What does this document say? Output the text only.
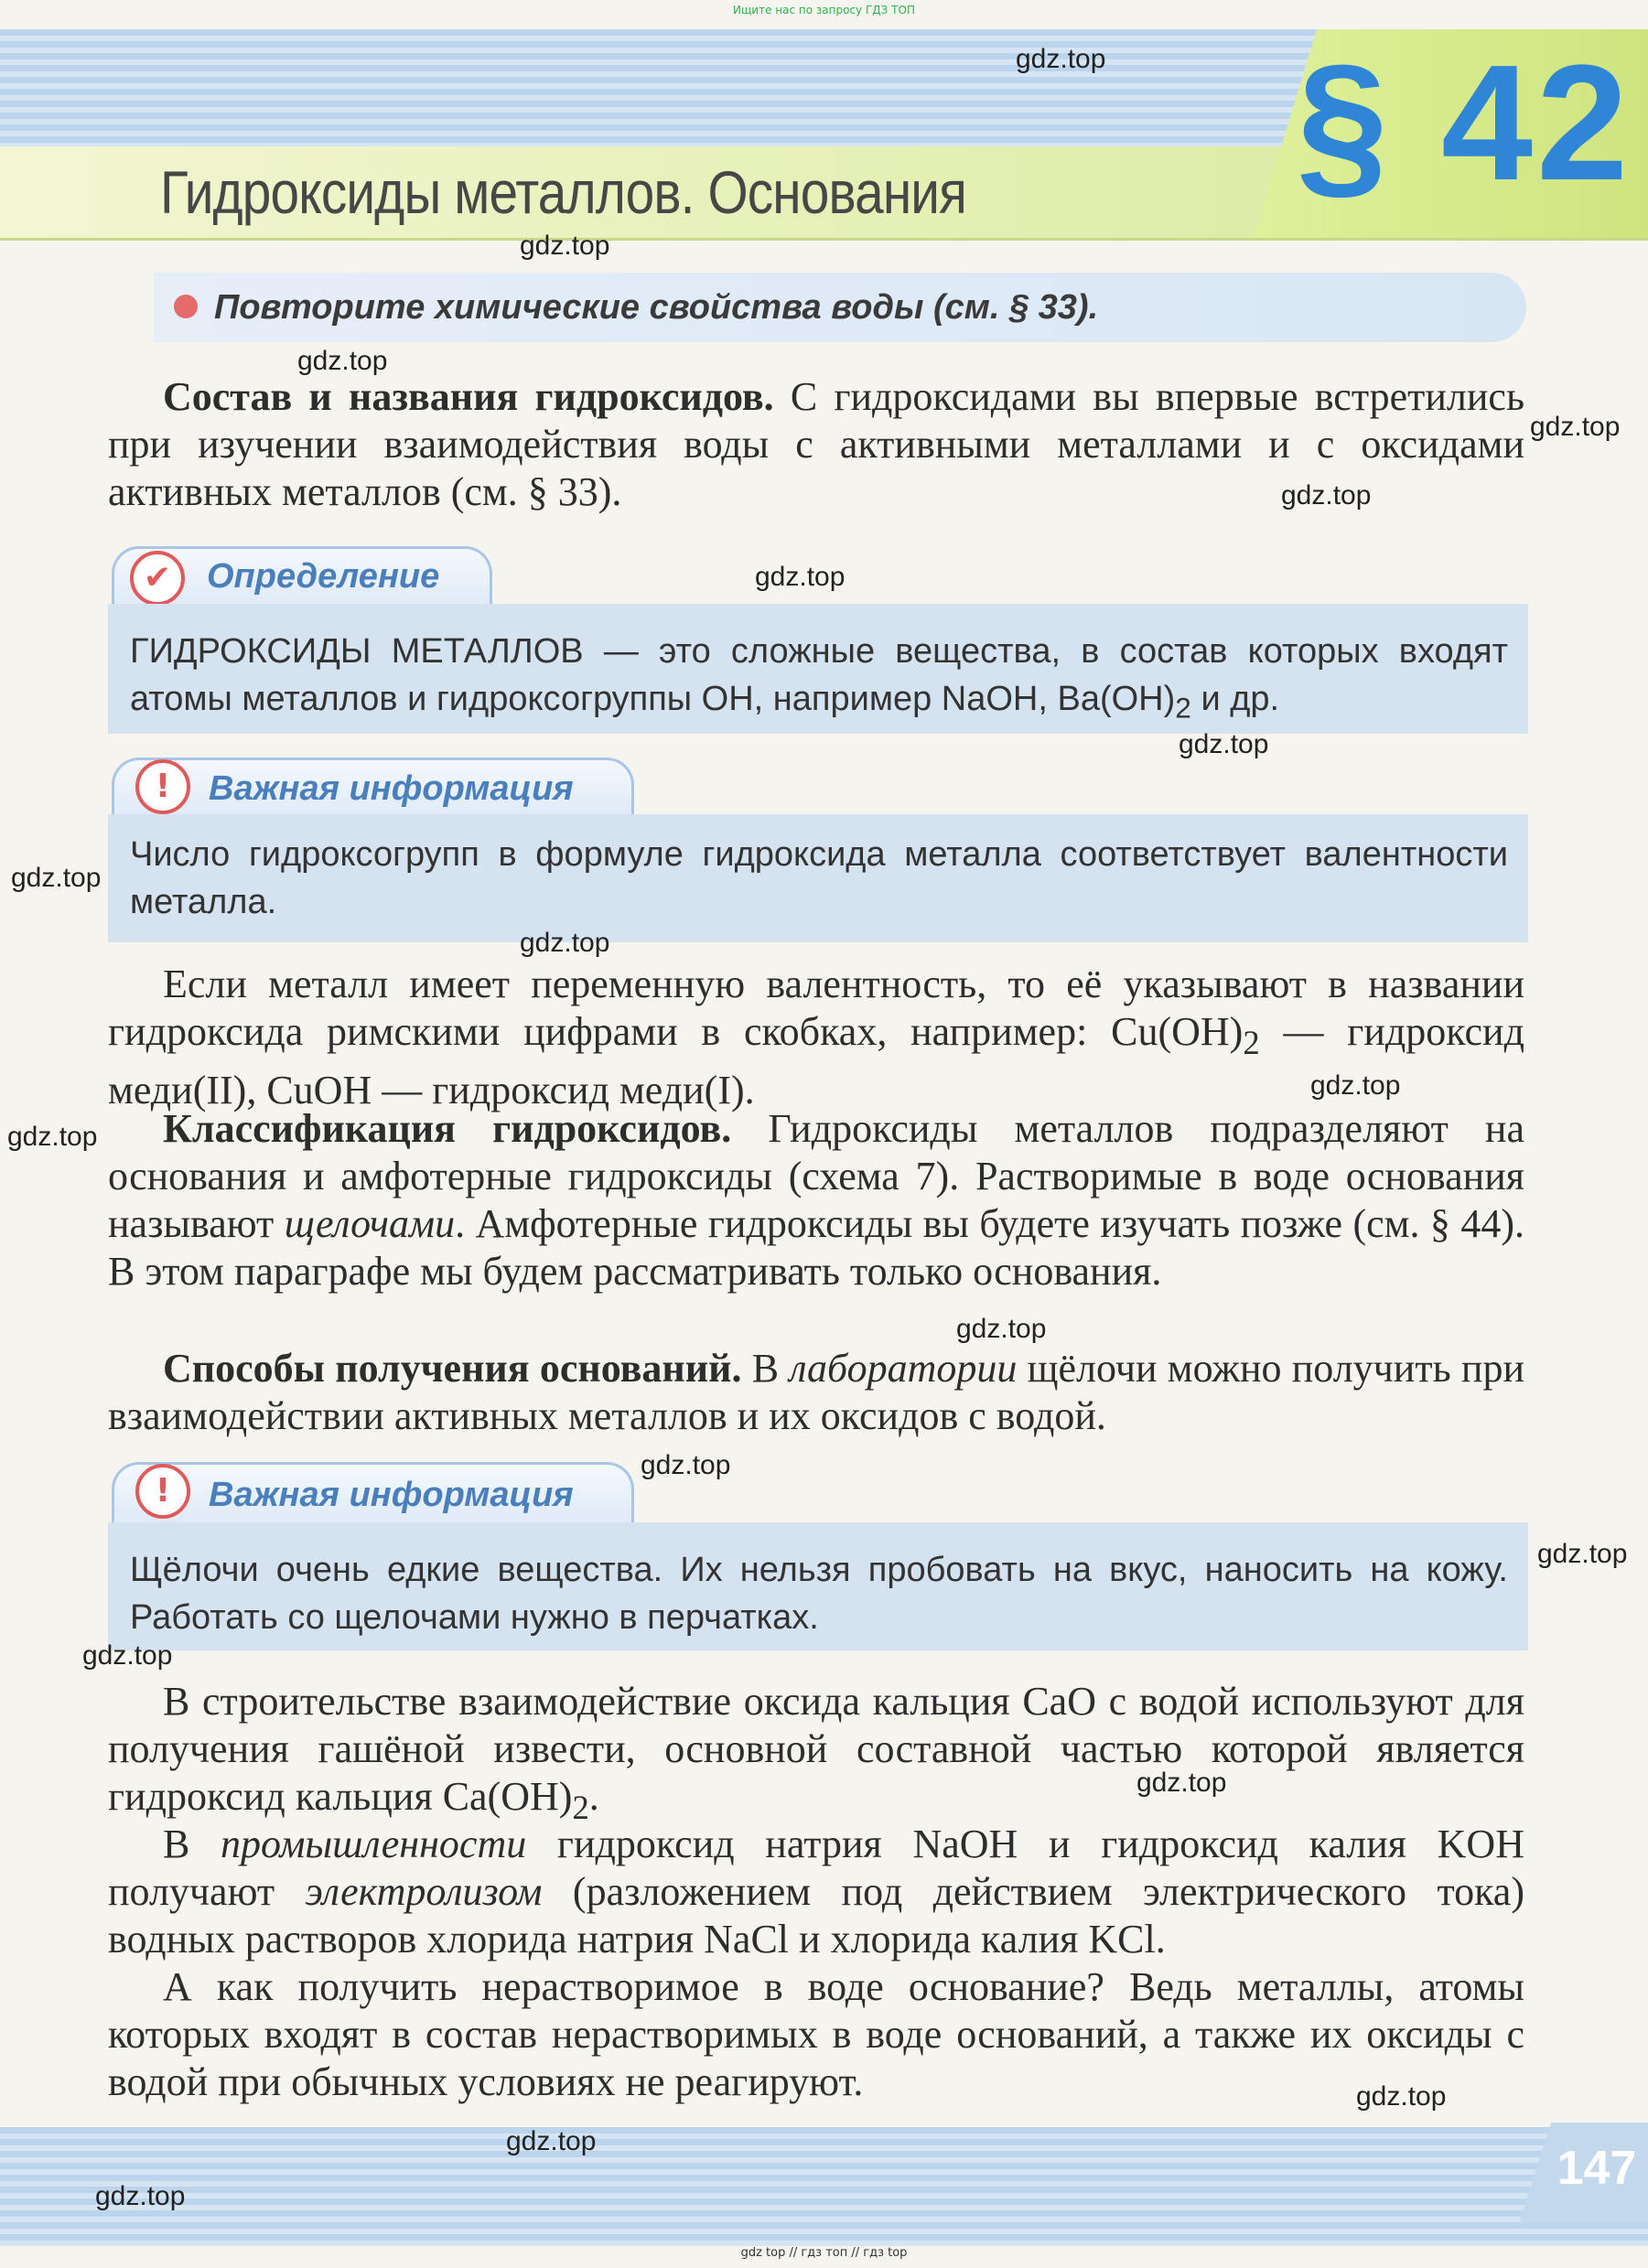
Ищите нас по запросу ГДЗ ТОП
§ 42
Гидроксиды металлов. Основания
Повторите химические свойства воды (см. § 33).
Состав и названия гидроксидов. С гидроксидами вы впервые встретились при изучении взаимодействия воды с активными металлами и с оксидами активных металлов (см. § 33).
✔	Определение
ГИДРОКСИДЫ МЕТАЛЛОВ — это сложные вещества, в состав которых входят атомы металлов и гидроксогруппы OH, например NaOH, $Ba(OH)_2$ и др.
!	Важная информация
Число гидроксогрупп в формуле гидроксида металла соответствует валентности металла.
Если металл имеет переменную валентность, то её указывают в названии гидроксида римскими цифрами в скобках, например: $Cu(OH)_2$ — гидроксид меди(II), CuOH — гидроксид меди(I).
Классификация гидроксидов. Гидроксиды металлов подразделяют на основания и амфотерные гидроксиды (схема 7). Растворимые в воде основания называют щелочами. Амфотерные гидроксиды вы будете изучать позже (см. § 44). В этом параграфе мы будем рассматривать только основания.
Способы получения оснований. В лаборатории щёлочи можно получить при взаимодействии активных металлов и их оксидов с водой.
!	Важная информация
Щёлочи очень едкие вещества. Их нельзя пробовать на вкус, наносить на кожу. Работать со щелочами нужно в перчатках.
В строительстве взаимодействие оксида кальция CaO с водой используют для получения гашёной извести, основной составной частью которой является гидроксид кальция $Ca(OH)_2$.
В промышленности гидроксид натрия NaOH и гидроксид калия KOH получают электролизом (разложением под действием электрического тока) водных растворов хлорида натрия NaCl и хлорида калия KCl.
А как получить нерастворимое в воде основание? Ведь металлы, атомы которых входят в состав нерастворимых в воде оснований, а также их оксиды с водой при обычных условиях не реагируют.
147
gdz top // гдз топ // гдз top
gdz.top
gdz.top
gdz.top
gdz.top
gdz.top
gdz.top
gdz.top
gdz.top
gdz.top
gdz.top
gdz.top
gdz.top
gdz.top
gdz.top
gdz.top
gdz.top
gdz.top
gdz.top
gdz.top
